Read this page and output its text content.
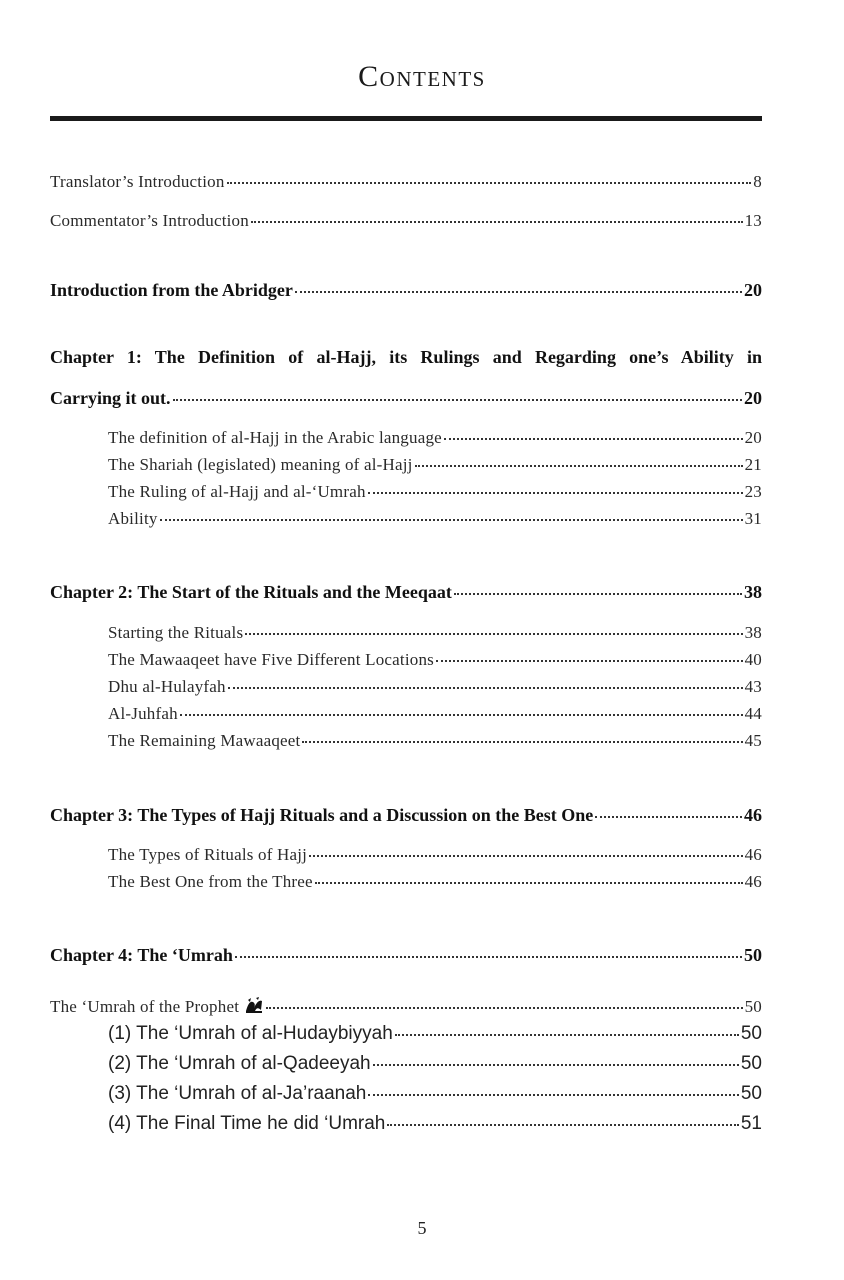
Contents
Translator’s Introduction	8
Commentator’s Introduction	13
Introduction from the Abridger	20
Chapter 1: The Definition of al-Hajj, its Rulings and Regarding one’s Ability in
Carrying it out.	20
The definition of al-Hajj in the Arabic language	20
The Shariah (legislated) meaning of al-Hajj	21
The Ruling of al-Hajj and al-‘Umrah	23
Ability	31
Chapter 2: The Start of the Rituals and the Meeqaat	38
Starting the Rituals	38
The Mawaaqeet have Five Different Locations	40
Dhu al-Hulayfah	43
Al-Juhfah	44
The Remaining Mawaaqeet	45
Chapter 3: The Types of Hajj Rituals and a Discussion on the Best One	46
The Types of Rituals of Hajj	46
The Best One from the Three	46
Chapter 4: The ‘Umrah	50
The ‘Umrah of the Prophet	50
(1) The ‘Umrah of al-Hudaybiyyah	50
(2) The ‘Umrah of al-Qadeeyah	50
(3) The ‘Umrah of al-Ja’raanah	50
(4) The Final Time he did ‘Umrah	51
5
